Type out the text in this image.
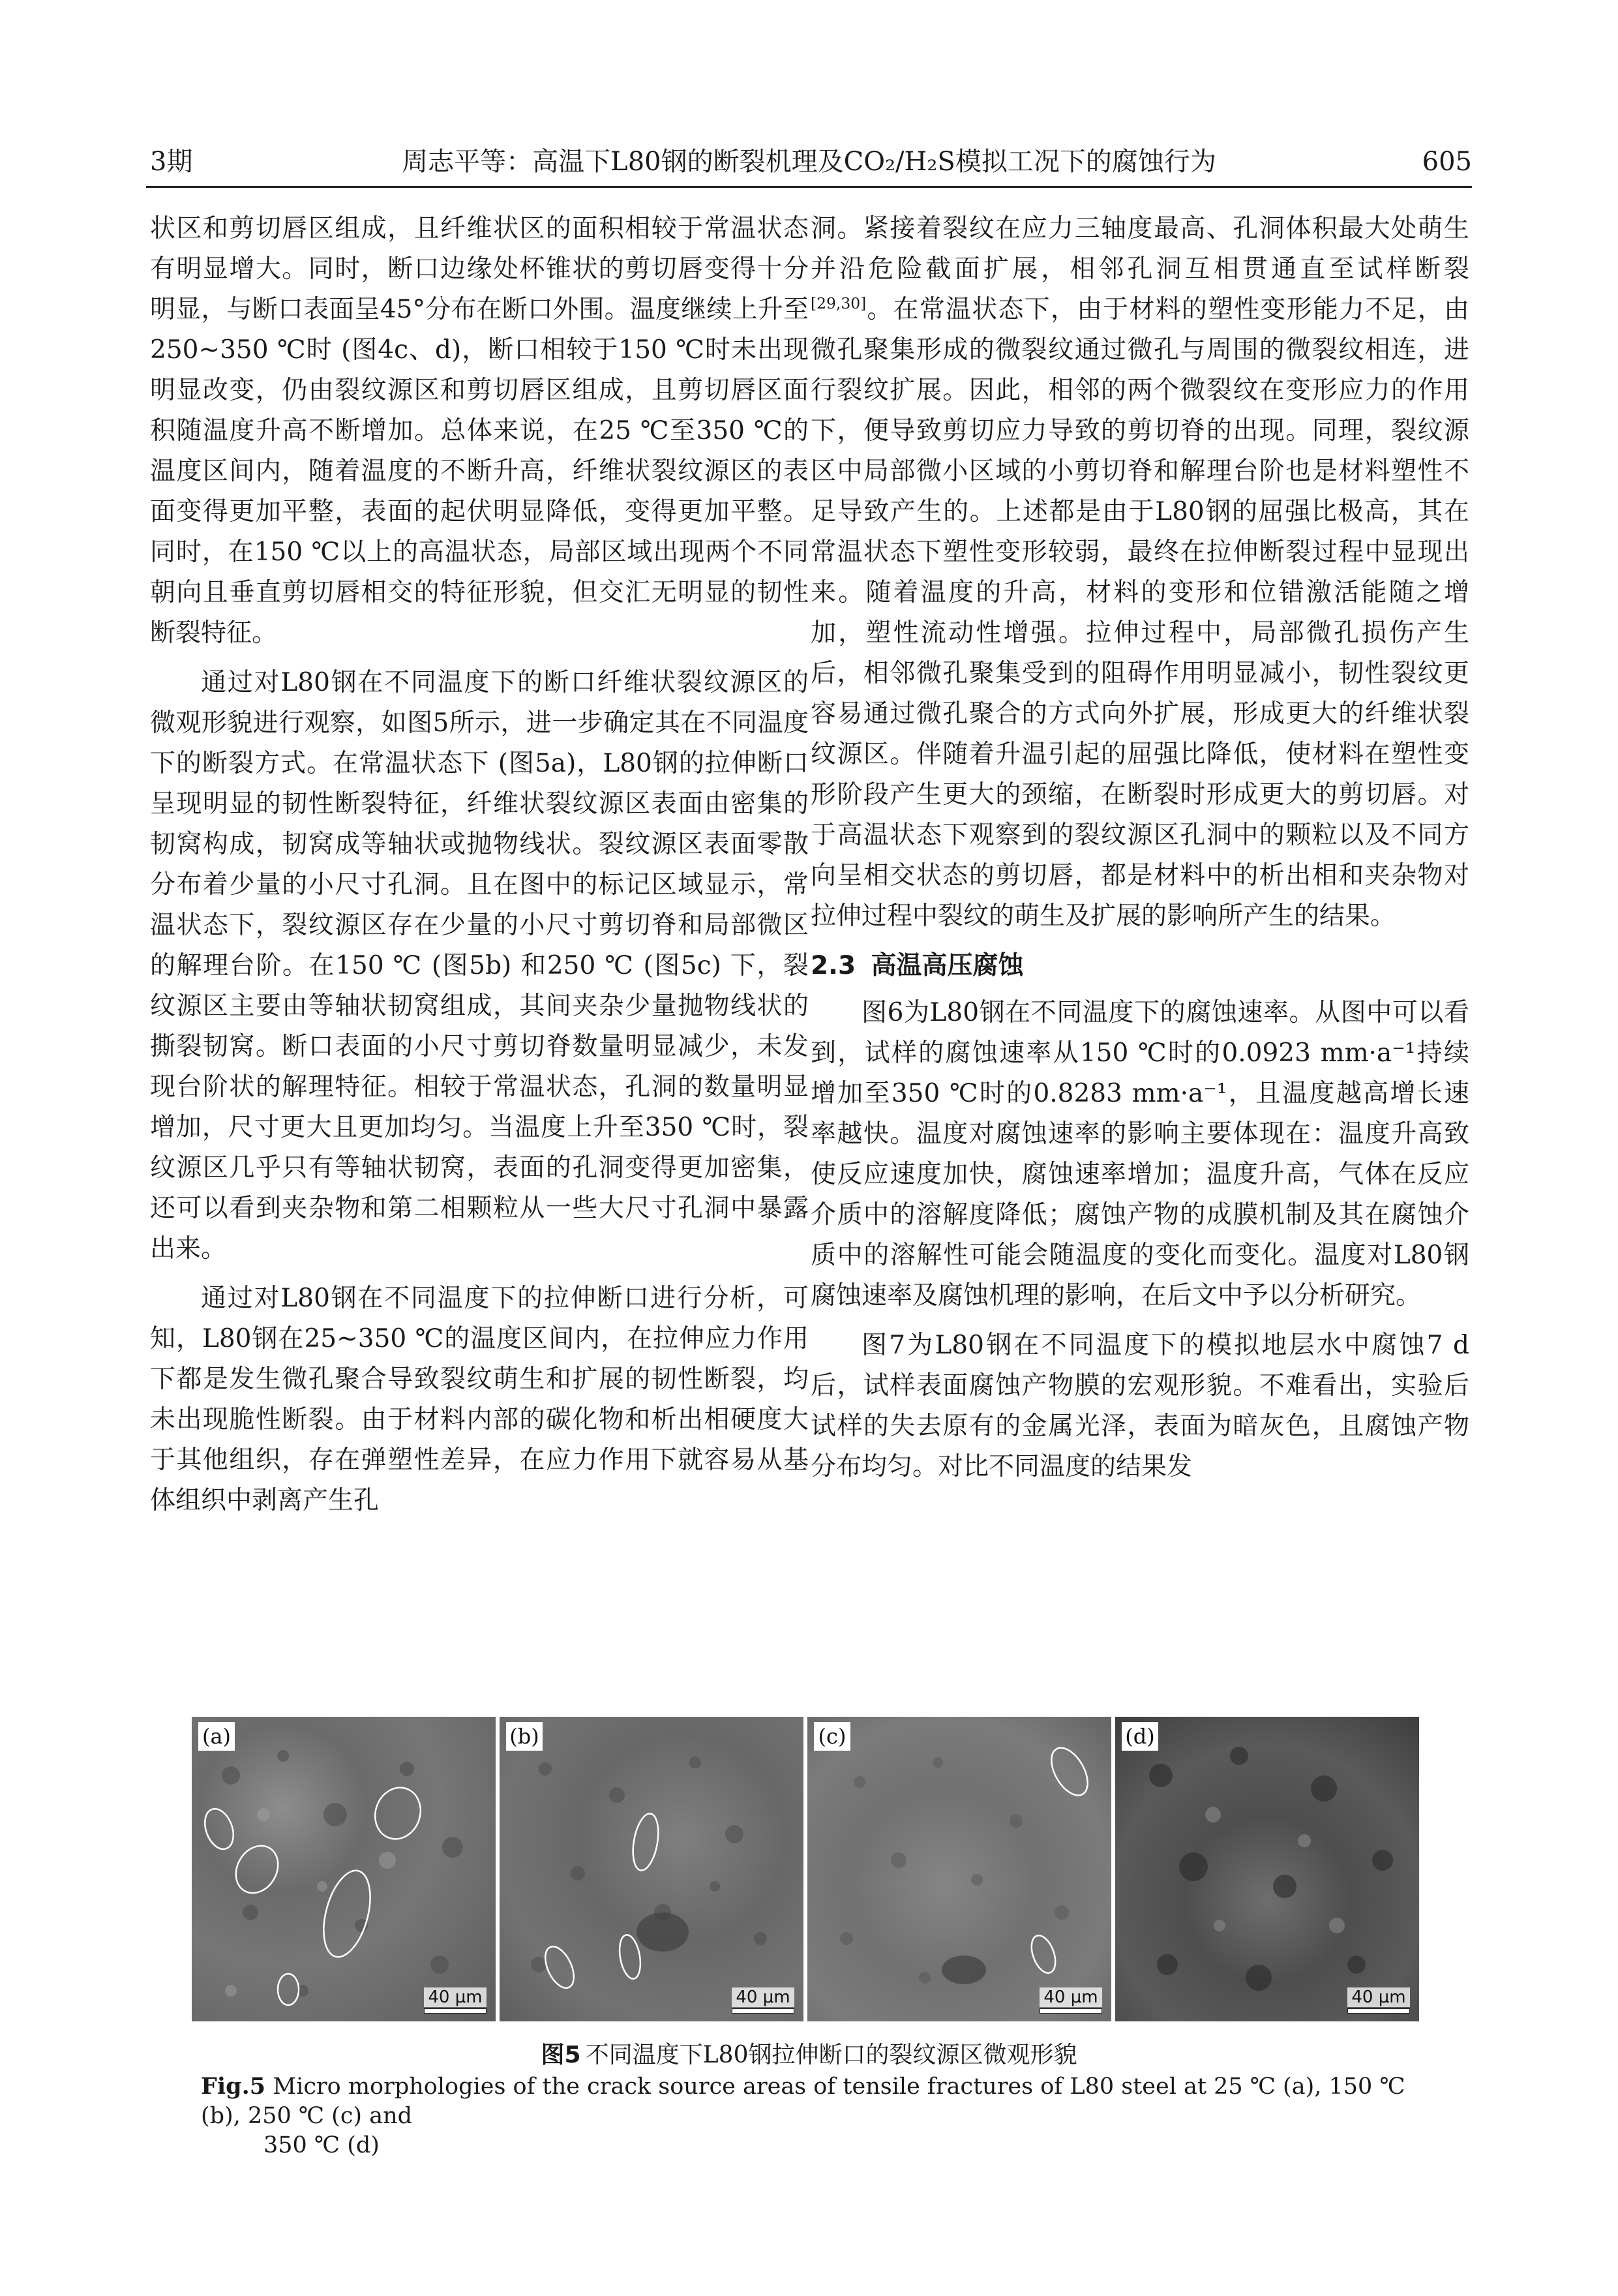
3期	周志平等：高温下L80钢的断裂机理及CO₂/H₂S模拟工况下的腐蚀行为	605

状区和剪切唇区组成，且纤维状区的面积相较于常温状态有明显增大。同时，断口边缘处杯锥状的剪切唇变得十分明显，与断口表面呈45°分布在断口外围。温度继续上升至250~350 ℃时 (图4c、d)，断口相较于150 ℃时未出现明显改变，仍由裂纹源区和剪切唇区组成，且剪切唇区面积随温度升高不断增加。总体来说，在25 ℃至350 ℃的温度区间内，随着温度的不断升高，纤维状裂纹源区的表面变得更加平整，表面的起伏明显降低，变得更加平整。同时，在150 ℃以上的高温状态，局部区域出现两个不同朝向且垂直剪切唇相交的特征形貌，但交汇无明显的韧性断裂特征。

通过对L80钢在不同温度下的断口纤维状裂纹源区的微观形貌进行观察，如图5所示，进一步确定其在不同温度下的断裂方式。在常温状态下 (图5a)，L80钢的拉伸断口呈现明显的韧性断裂特征，纤维状裂纹源区表面由密集的韧窝构成，韧窝成等轴状或抛物线状。裂纹源区表面零散分布着少量的小尺寸孔洞。且在图中的标记区域显示，常温状态下，裂纹源区存在少量的小尺寸剪切脊和局部微区的解理台阶。在150 ℃ (图5b) 和250 ℃ (图5c) 下，裂纹源区主要由等轴状韧窝组成，其间夹杂少量抛物线状的撕裂韧窝。断口表面的小尺寸剪切脊数量明显减少，未发现台阶状的解理特征。相较于常温状态，孔洞的数量明显增加，尺寸更大且更加均匀。当温度上升至350 ℃时，裂纹源区几乎只有等轴状韧窝，表面的孔洞变得更加密集，还可以看到夹杂物和第二相颗粒从一些大尺寸孔洞中暴露出来。

通过对L80钢在不同温度下的拉伸断口进行分析，可知，L80钢在25~350 ℃的温度区间内，在拉伸应力作用下都是发生微孔聚合导致裂纹萌生和扩展的韧性断裂，均未出现脆性断裂。由于材料内部的碳化物和析出相硬度大于其他组织，存在弹塑性差异，在应力作用下就容易从基体组织中剥离产生孔

洞。紧接着裂纹在应力三轴度最高、孔洞体积最大处萌生并沿危险截面扩展，相邻孔洞互相贯通直至试样断裂[29,30]。在常温状态下，由于材料的塑性变形能力不足，由微孔聚集形成的微裂纹通过微孔与周围的微裂纹相连，进行裂纹扩展。因此，相邻的两个微裂纹在变形应力的作用下，便导致剪切应力导致的剪切脊的出现。同理，裂纹源区中局部微小区域的小剪切脊和解理台阶也是材料塑性不足导致产生的。上述都是由于L80钢的屈强比极高，其在常温状态下塑性变形较弱，最终在拉伸断裂过程中显现出来。随着温度的升高，材料的变形和位错激活能随之增加，塑性流动性增强。拉伸过程中，局部微孔损伤产生后，相邻微孔聚集受到的阻碍作用明显减小，韧性裂纹更容易通过微孔聚合的方式向外扩展，形成更大的纤维状裂纹源区。伴随着升温引起的屈强比降低，使材料在塑性变形阶段产生更大的颈缩，在断裂时形成更大的剪切唇。对于高温状态下观察到的裂纹源区孔洞中的颗粒以及不同方向呈相交状态的剪切唇，都是材料中的析出相和夹杂物对拉伸过程中裂纹的萌生及扩展的影响所产生的结果。

2.3 高温高压腐蚀

图6为L80钢在不同温度下的腐蚀速率。从图中可以看到，试样的腐蚀速率从150 ℃时的0.0923 mm·a⁻¹持续增加至350 ℃时的0.8283 mm·a⁻¹，且温度越高增长速率越快。温度对腐蚀速率的影响主要体现在：温度升高致使反应速度加快，腐蚀速率增加；温度升高，气体在反应介质中的溶解度降低；腐蚀产物的成膜机制及其在腐蚀介质中的溶解性可能会随温度的变化而变化。温度对L80钢腐蚀速率及腐蚀机理的影响，在后文中予以分析研究。

图7为L80钢在不同温度下的模拟地层水中腐蚀7 d后，试样表面腐蚀产物膜的宏观形貌。不难看出，实验后试样的失去原有的金属光泽，表面为暗灰色，且腐蚀产物分布均匀。对比不同温度的结果发

(a)
40 μm
(b)
40 μm
(c)
40 μm
(d)
40 μm
图5 不同温度下L80钢拉伸断口的裂纹源区微观形貌
Fig.5 Micro morphologies of the crack source areas of tensile fractures of L80 steel at 25 ℃ (a), 150 ℃ (b), 250 ℃ (c) and
350 ℃ (d)
